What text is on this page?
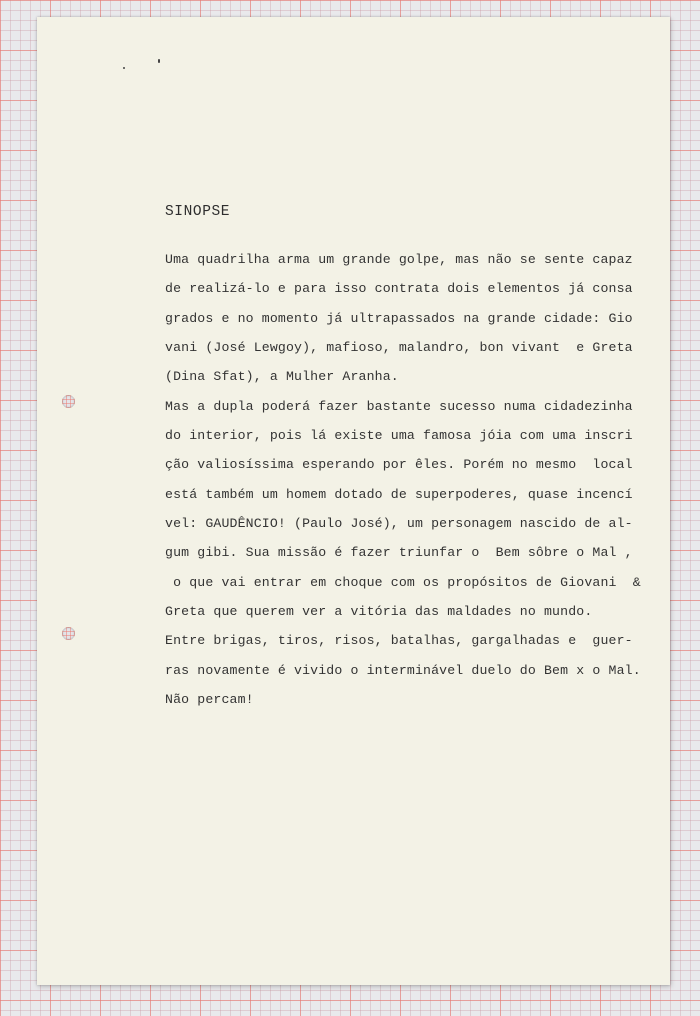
SINOPSE
Uma quadrilha arma um grande golpe, mas não se sente capaz
de realizá-lo e para isso contrata dois elementos já consa
grados e no momento já ultrapassados na grande cidade: Gio
vani (José Lewgoy), mafioso, malandro, bon vivant  e Greta
(Dina Sfat), a Mulher Aranha.
Mas a dupla poderá fazer bastante sucesso numa cidadezinha
do interior, pois lá existe uma famosa jóia com uma inscri
ção valiosíssima esperando por êles. Porém no mesmo  local
está também um homem dotado de superpoderes, quase incencí
vel: GAUDÊNCIO! (Paulo José), um personagem nascido de al-
gum gibi. Sua missão é fazer triunfar o  Bem sôbre o Mal ,
o que vai entrar em choque com os propósitos de Giovani  &
Greta que querem ver a vitória das maldades no mundo.
Entre brigas, tiros, risos, batalhas, gargalhadas e  guer-
ras novamente é vivido o interminável duelo do Bem x o Mal.
Não percam!
